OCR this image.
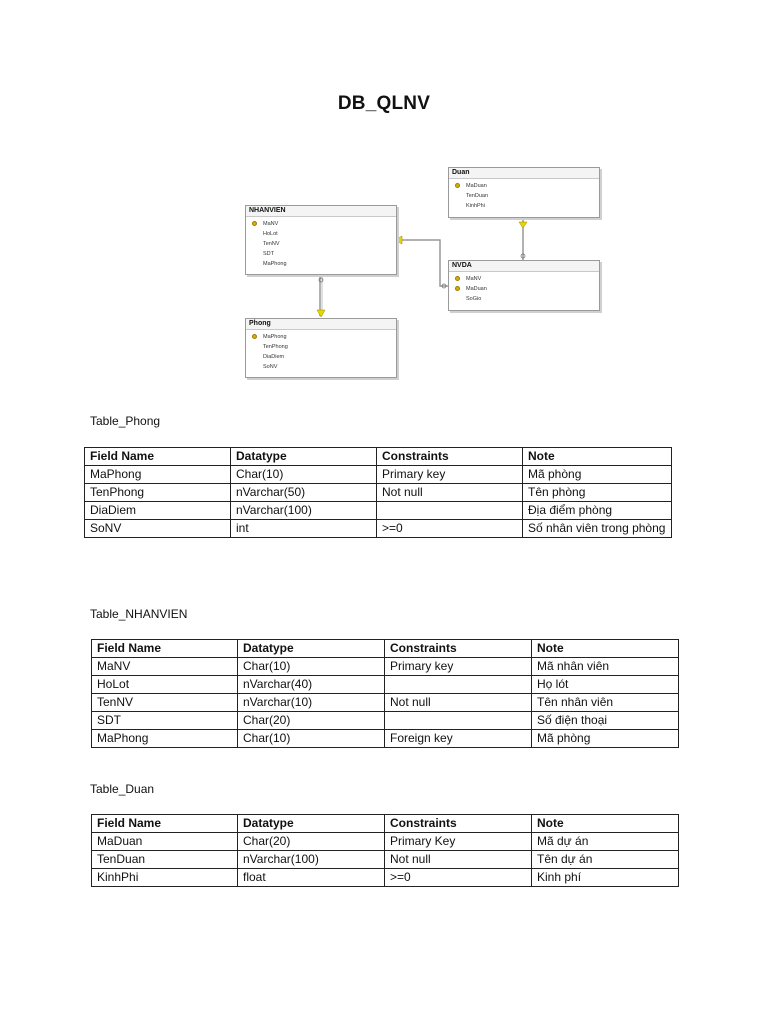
DB_QLNV
NHANVIEN
MaNV
HoLot
TenNV
SDT
MaPhong
Phong
MaPhong
TenPhong
DiaDiem
SoNV
Duan
MaDuan
TenDuan
KinhPhi
NVDA
MaNV
MaDuan
SoGio
Table_Phong
Field Name	Datatype	Constraints	Note
MaPhong	Char(10)	Primary key	Mã phòng
TenPhong	nVarchar(50)	Not null	Tên phòng
DiaDiem	nVarchar(100)		Địa điểm phòng
SoNV	int	>=0	Số nhân viên trong phòng
Table_NHANVIEN
Field Name	Datatype	Constraints	Note
MaNV	Char(10)	Primary key	Mã nhân viên
HoLot	nVarchar(40)		Họ lót
TenNV	nVarchar(10)	Not null	Tên nhân viên
SDT	Char(20)		Số điện thoại
MaPhong	Char(10)	Foreign key	Mã phòng
Table_Duan
Field Name	Datatype	Constraints	Note
MaDuan	Char(20)	Primary Key	Mã dự án
TenDuan	nVarchar(100)	Not null	Tên dự án
KinhPhi	float	>=0	Kinh phí
